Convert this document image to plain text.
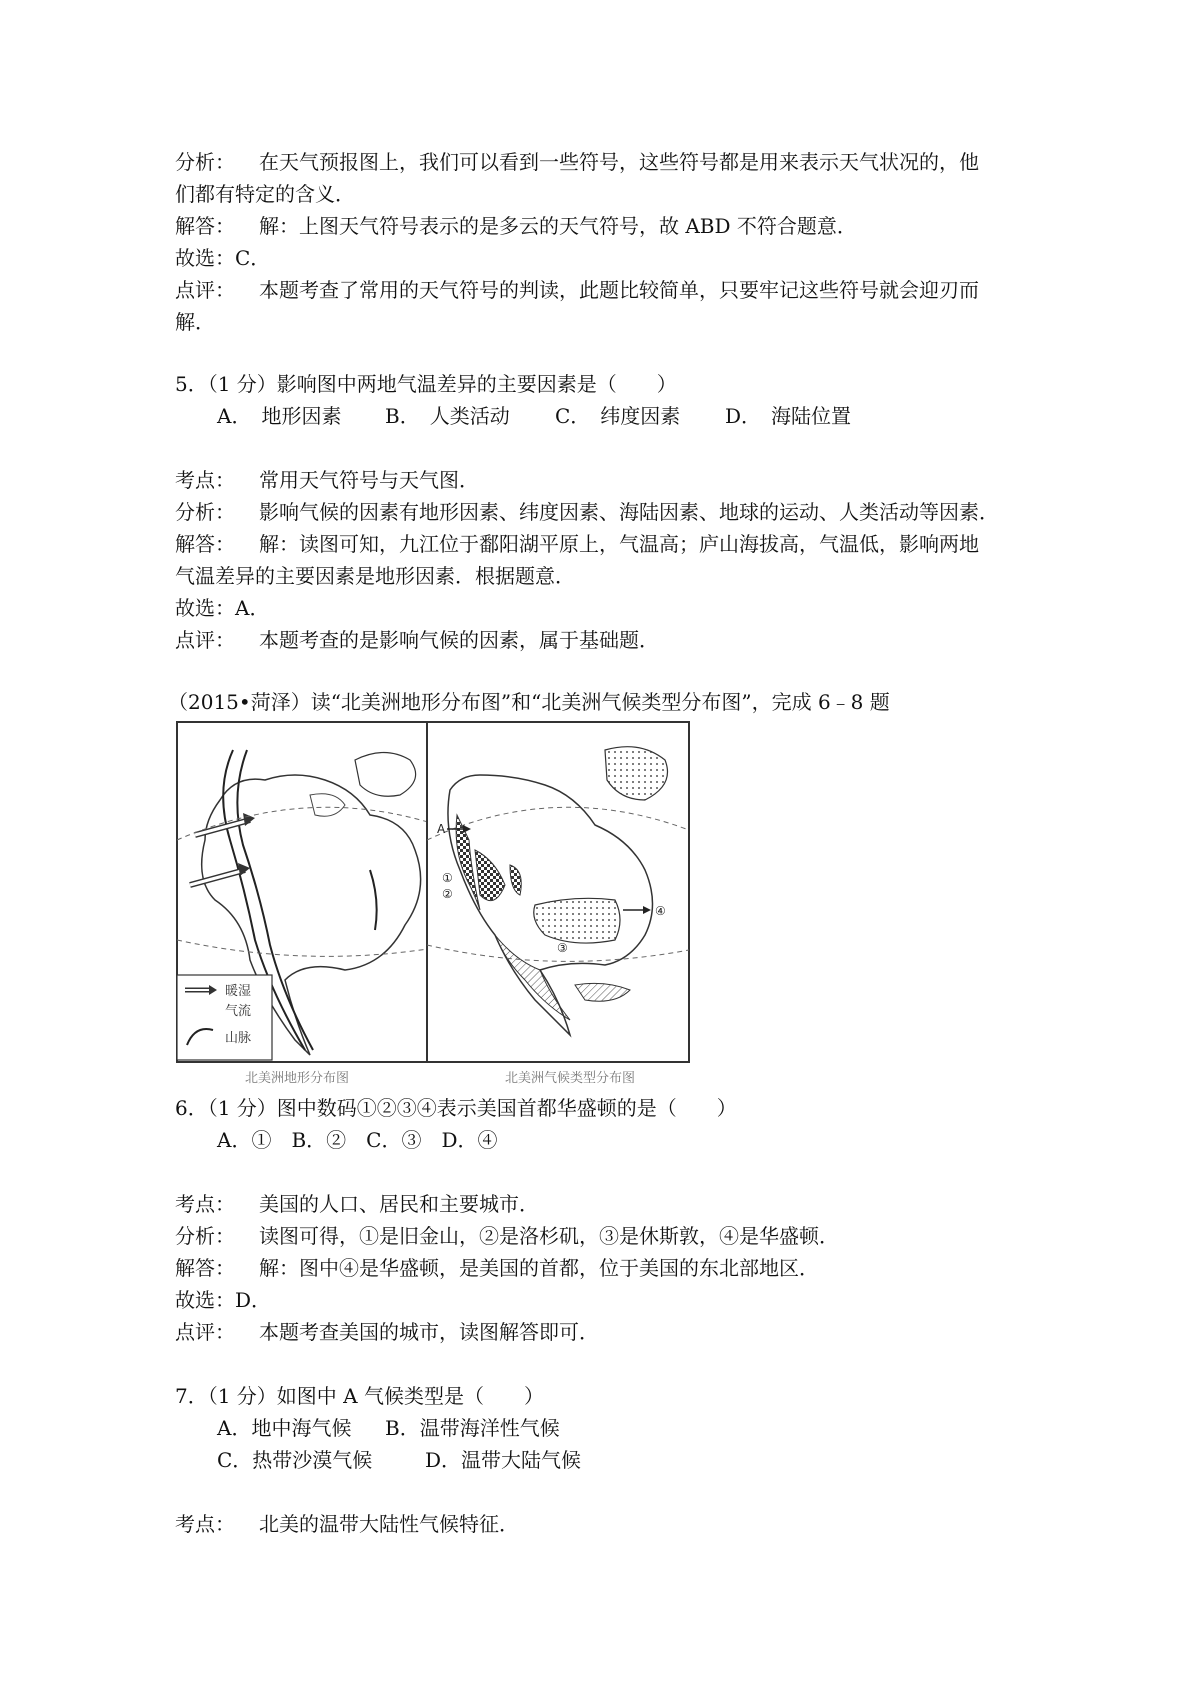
分析： 在天气预报图上，我们可以看到一些符号，这些符号都是用来表示天气状况的，他
们都有特定的含义．
解答： 解：上图天气符号表示的是多云的天气符号，故 ABD 不符合题意．
故选：C．
点评： 本题考查了常用的天气符号的判读，此题比较简单，只要牢记这些符号就会迎刃而
解．
5．（1 分）影响图中两地气温差异的主要因素是（　　）
A．　地形因素 B．　人类活动 C．　纬度因素 D．　海陆位置
考点： 常用天气符号与天气图．
分析： 影响气候的因素有地形因素、纬度因素、海陆因素、地球的运动、人类活动等因素．
解答： 解：读图可知，九江位于鄱阳湖平原上，气温高；庐山海拔高，气温低，影响两地
气温差异的主要因素是地形因素．根据题意．
故选：A．
点评： 本题考查的是影响气候的因素，属于基础题．
（2015•菏泽）读“北美洲地形分布图”和“北美洲气候类型分布图”，完成 6﹣8 题
暖湿
气流
山脉
北美洲地形分布图
A
①
②
③
④
北美洲气候类型分布图
6．（1 分）图中数码①②③④表示美国首都华盛顿的是（　　）
A．①　B．②　C．③　D．④
考点： 美国的人口、居民和主要城市．
分析： 读图可得，①是旧金山，②是洛杉矶，③是休斯敦，④是华盛顿．
解答： 解：图中④是华盛顿，是美国的首都，位于美国的东北部地区．
故选：D．
点评： 本题考查美国的城市，读图解答即可．
7．（1 分）如图中 A 气候类型是（　　）
A．地中海气候 B．温带海洋性气候
C．热带沙漠气候	D．温带大陆气候
考点： 北美的温带大陆性气候特征．
